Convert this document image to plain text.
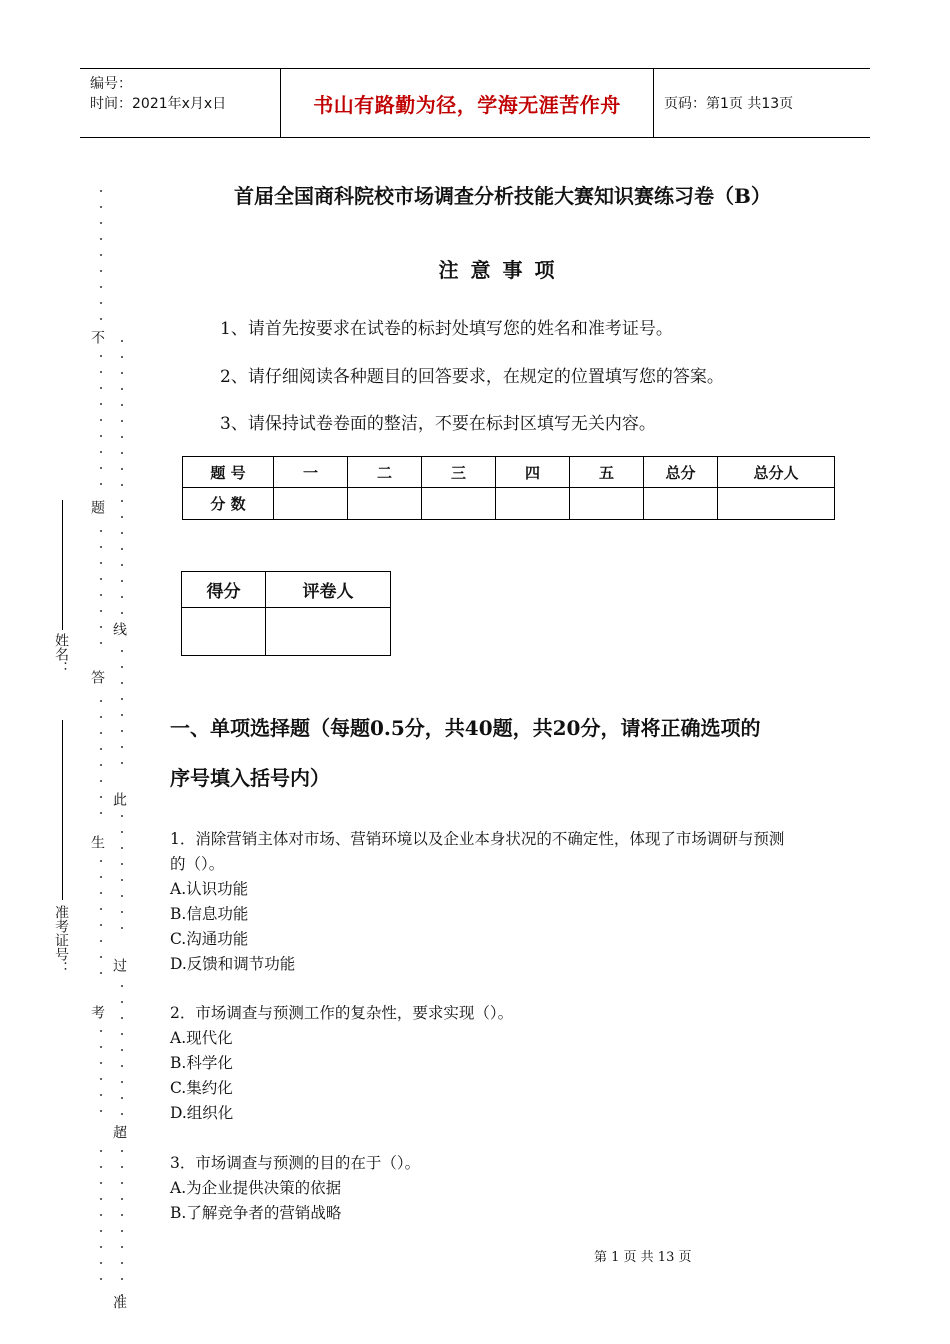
编号：
时间：2021年x月x日	书山有路勤为径，学海无涯苦作舟	页码：第1页 共13页
姓名：
准考证号：
不
题
线
答
此
生
过
考
超
准
首届全国商科院校市场调查分析技能大赛知识赛练习卷（B）
注意事项
1、请首先按要求在试卷的标封处填写您的姓名和准考证号。
2、请仔细阅读各种题目的回答要求，在规定的位置填写您的答案。
3、请保持试卷卷面的整洁，不要在标封区填写无关内容。
题 号	一	二	三	四	五	总分	总分人
分 数							
得分	评卷人

一、单项选择题（每题0.5分，共40题，共20分，请将正确选项的
序号填入括号内）
1．消除营销主体对市场、营销环境以及企业本身状况的不确定性，体现了市场调研与预测
的（）。
A.认识功能
B.信息功能
C.沟通功能
D.反馈和调节功能
2．市场调查与预测工作的复杂性，要求实现（）。
A.现代化
B.科学化
C.集约化
D.组织化
3．市场调查与预测的目的在于（）。
A.为企业提供决策的依据
B.了解竞争者的营销战略
第 1 页 共 13 页
